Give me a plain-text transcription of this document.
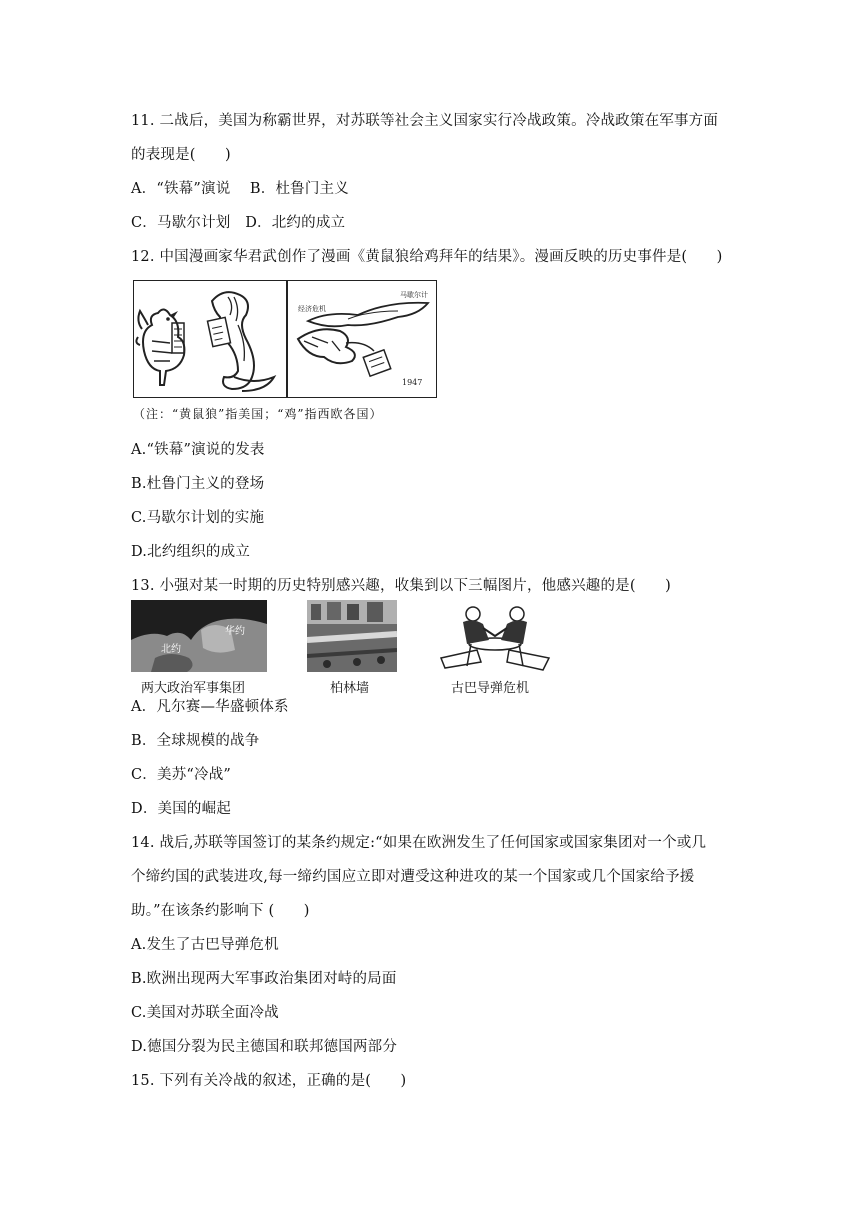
11. 二战后，美国为称霸世界，对苏联等社会主义国家实行冷战政策。冷战政策在军事方面
的表现是(　　)
A．“铁幕”演说　 B．杜鲁门主义
C．马歇尔计划　D．北约的成立
12. 中国漫画家华君武创作了漫画《黄鼠狼给鸡拜年的结果》。漫画反映的历史事件是(　　)
经济危机
马歇尔计
1947
（注：“黄鼠狼”指美国；“鸡”指西欧各国）
A.“铁幕”演说的发表
B.杜鲁门主义的登场
C.马歇尔计划的实施
D.北约组织的成立
13. 小强对某一时期的历史特别感兴趣，收集到以下三幅图片，他感兴趣的是(　　)
华约
北约
两大政治军事集团	柏林墙	古巴导弹危机
A．凡尔赛—华盛顿体系
B．全球规模的战争
C．美苏“冷战”
D．美国的崛起
14. 战后,苏联等国签订的某条约规定:“如果在欧洲发生了任何国家或国家集团对一个或几
个缔约国的武装进攻,每一缔约国应立即对遭受这种进攻的某一个国家或几个国家给予援
助。”在该条约影响下 (　　)
A.发生了古巴导弹危机
B.欧洲出现两大军事政治集团对峙的局面
C.美国对苏联全面冷战
D.德国分裂为民主德国和联邦德国两部分
15. 下列有关冷战的叙述，正确的是(　　)
